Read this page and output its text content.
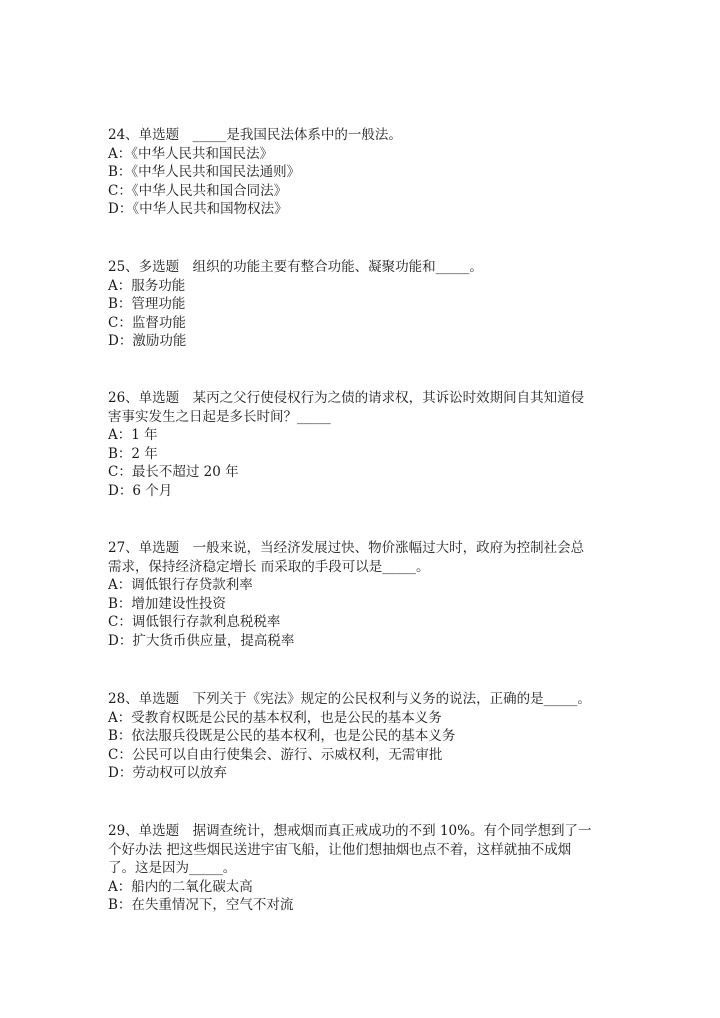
24、单选题　_____是我国民法体系中的一般法。
A：《中华人民共和国民法》
B：《中华人民共和国民法通则》
C：《中华人民共和国合同法》
D：《中华人民共和国物权法》
25、多选题　组织的功能主要有整合功能、凝聚功能和_____。
A：服务功能
B：管理功能
C：监督功能
D：激励功能
26、单选题　某丙之父行使侵权行为之债的请求权，其诉讼时效期间自其知道侵
害事实发生之日起是多长时间？_____
A：1 年
B：2 年
C：最长不超过 20 年
D：6 个月
27、单选题　一般来说，当经济发展过快、物价涨幅过大时，政府为控制社会总
需求，保持经济稳定增长 而采取的手段可以是_____。
A：调低银行存贷款利率
B：增加建设性投资
C：调低银行存款利息税税率
D：扩大货币供应量，提高税率
28、单选题　下列关于《宪法》规定的公民权利与义务的说法，正确的是_____。
A：受教育权既是公民的基本权利，也是公民的基本义务
B：依法服兵役既是公民的基本权利，也是公民的基本义务
C：公民可以自由行使集会、游行、示威权利，无需审批
D：劳动权可以放弃
29、单选题　据调查统计，想戒烟而真正戒成功的不到 10%。有个同学想到了一
个好办法 把这些烟民送进宇宙飞船，让他们想抽烟也点不着，这样就抽不成烟
了。这是因为_____。
A：船内的二氧化碳太高
B：在失重情况下，空气不对流
